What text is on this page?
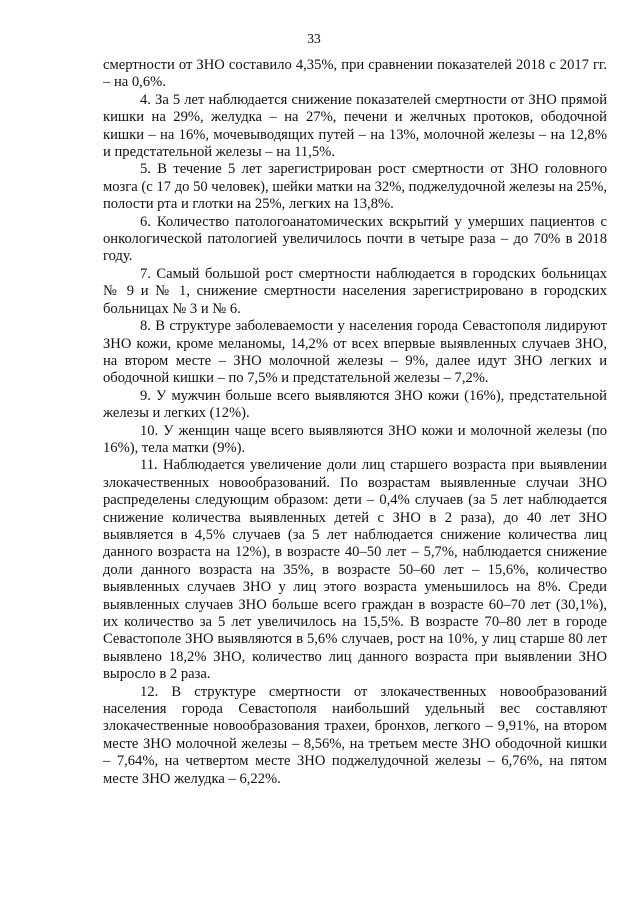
33

смертности от ЗНО составило 4,35%, при сравнении показателей 2018 с 2017 гг. – на 0,6%.

4. За 5 лет наблюдается снижение показателей смертности от ЗНО прямой кишки на 29%, желудка – на 27%, печени и желчных протоков, ободочной кишки – на 16%, мочевыводящих путей – на 13%, молочной железы – на 12,8% и предстательной железы – на 11,5%.

5. В течение 5 лет зарегистрирован рост смертности от ЗНО головного мозга (с 17 до 50 человек), шейки матки на 32%, поджелудочной железы на 25%, полости рта и глотки на 25%, легких на 13,8%.

6. Количество патологоанатомических вскрытий у умерших пациентов с онкологической патологией увеличилось почти в четыре раза – до 70% в 2018 году.

7. Самый большой рост смертности наблюдается в городских больницах № 9 и № 1, снижение смертности населения зарегистрировано в городских больницах № 3 и № 6.

8. В структуре заболеваемости у населения города Севастополя лидируют ЗНО кожи, кроме меланомы, 14,2% от всех впервые выявленных случаев ЗНО, на втором месте – ЗНО молочной железы – 9%, далее идут ЗНО легких и ободочной кишки – по 7,5% и предстательной железы – 7,2%.

9. У мужчин больше всего выявляются ЗНО кожи (16%), предстательной железы и легких (12%).

10. У женщин чаще всего выявляются ЗНО кожи и молочной железы (по 16%), тела матки (9%).

11. Наблюдается увеличение доли лиц старшего возраста при выявлении злокачественных новообразований. По возрастам выявленные случаи ЗНО распределены следующим образом: дети – 0,4% случаев (за 5 лет наблюдается снижение количества выявленных детей с ЗНО в 2 раза), до 40 лет ЗНО выявляется в 4,5% случаев (за 5 лет наблюдается снижение количества лиц данного возраста на 12%), в возрасте 40–50 лет – 5,7%, наблюдается снижение доли данного возраста на 35%, в возрасте 50–60 лет – 15,6%, количество выявленных случаев ЗНО у лиц этого возраста уменьшилось на 8%. Среди выявленных случаев ЗНО больше всего граждан в возрасте 60–70 лет (30,1%), их количество за 5 лет увеличилось на 15,5%. В возрасте 70–80 лет в городе Севастополе ЗНО выявляются в 5,6% случаев, рост на 10%, у лиц старше 80 лет выявлено 18,2% ЗНО, количество лиц данного возраста при выявлении ЗНО выросло в 2 раза.

12. В структуре смертности от злокачественных новообразований населения города Севастополя наибольший удельный вес составляют злокачественные новообразования трахеи, бронхов, легкого – 9,91%, на втором месте ЗНО молочной железы – 8,56%, на третьем месте ЗНО ободочной кишки – 7,64%, на четвертом месте ЗНО поджелудочной железы – 6,76%, на пятом месте ЗНО желудка – 6,22%.
